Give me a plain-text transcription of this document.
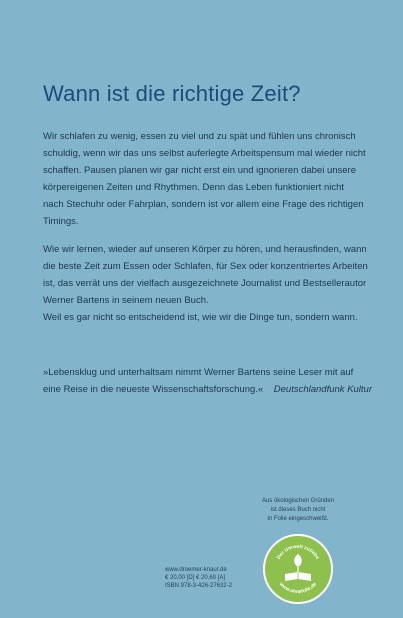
Wann ist die richtige Zeit?
Wir schlafen zu wenig, essen zu viel und zu spät und fühlen uns chronisch
schuldig, wenn wir das uns selbst auferlegte Arbeitspensum mal wieder nicht
schaffen. Pausen planen wir gar nicht erst ein und ignorieren dabei unsere
körpereigenen Zeiten und Rhythmen. Denn das Leben funktioniert nicht
nach Stechuhr oder Fahrplan, sondern ist vor allem eine Frage des richtigen
Timings.
Wie wir lernen, wieder auf unseren Körper zu hören, und herausfinden, wann
die beste Zeit zum Essen oder Schlafen, für Sex oder konzentriertes Arbeiten
ist, das verrät uns der vielfach ausgezeichnete Journalist und Bestsellerautor
Werner Bartens in seinem neuen Buch.
Weil es gar nicht so entscheidend ist, wie wir die Dinge tun, sondern wann.
»Lebensklug und unterhaltsam nimmt Werner Bartens seine Leser mit auf
eine Reise in die neueste Wissenschaftsforschung.« Deutschlandfunk Kultur
Aus ökologischen Gründen
ist dieses Buch nicht
in Folie eingeschweißt.
Der Umwelt zuliebe
www.ohnefolie.de
www.droemer-knaur.de
€ 20,00 [D] € 20,60 [A]
ISBN 978-3-426-27632-2
